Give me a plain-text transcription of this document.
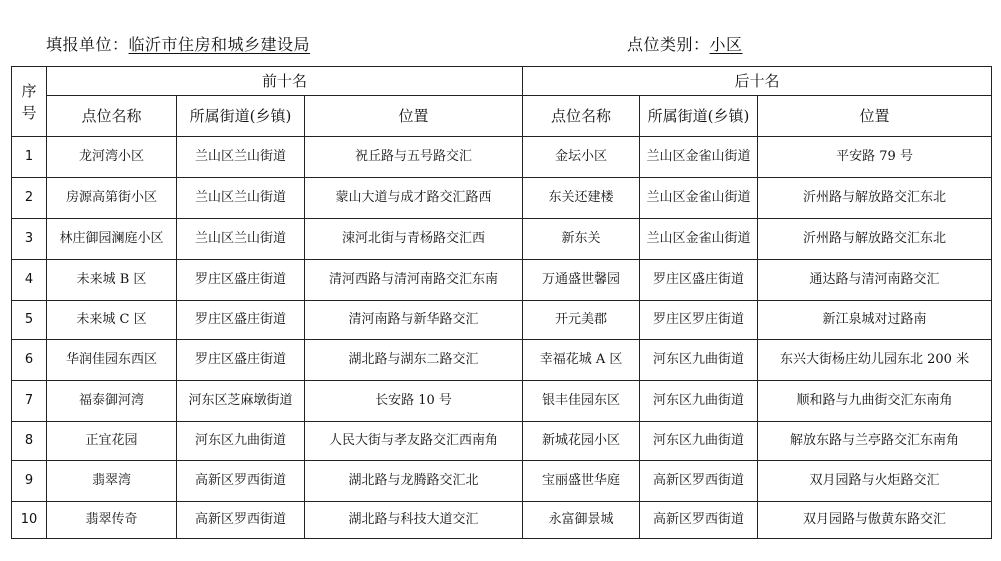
填报单位：临沂市住房和城乡建设局	点位类别：小区
序
号	前十名			后十名		
	点位名称	所属街道(乡镇)	位置	点位名称	所属街道(乡镇)	位置
1	龙河湾小区	兰山区兰山街道	祝丘路与五号路交汇	金坛小区	兰山区金雀山街道	平安路 79 号
2	房源高第街小区	兰山区兰山街道	蒙山大道与成才路交汇路西	东关还建楼	兰山区金雀山街道	沂州路与解放路交汇东北
3	林庄御园澜庭小区	兰山区兰山街道	涑河北街与青杨路交汇西	新东关	兰山区金雀山街道	沂州路与解放路交汇东北
4	未来城 B 区	罗庄区盛庄街道	清河西路与清河南路交汇东南	万通盛世馨园	罗庄区盛庄街道	通达路与清河南路交汇
5	未来城 C 区	罗庄区盛庄街道	清河南路与新华路交汇	开元美郡	罗庄区罗庄街道	新江泉城对过路南
6	华润佳园东西区	罗庄区盛庄街道	湖北路与湖东二路交汇	幸福花城 A 区	河东区九曲街道	东兴大街杨庄幼儿园东北 200 米
7	福泰御河湾	河东区芝麻墩街道	长安路 10 号	银丰佳园东区	河东区九曲街道	顺和路与九曲街交汇东南角
8	正宜花园	河东区九曲街道	人民大街与孝友路交汇西南角	新城花园小区	河东区九曲街道	解放东路与兰亭路交汇东南角
9	翡翠湾	高新区罗西街道	湖北路与龙腾路交汇北	宝丽盛世华庭	高新区罗西街道	双月园路与火炬路交汇
10	翡翠传奇	高新区罗西街道	湖北路与科技大道交汇	永富御景城	高新区罗西街道	双月园路与傲黄东路交汇
